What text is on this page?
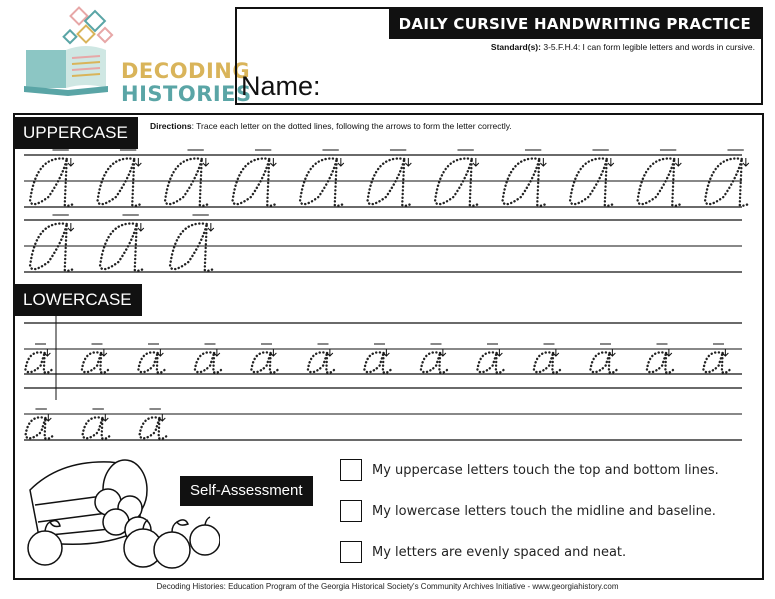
DECODING
HISTORIES
DAILY CURSIVE HANDWRITING PRACTICE
Standard(s): 3-5.F.H.4: I can form legible letters and words in cursive.
Name:
UPPERCASE	Directions: Trace each letter on the dotted lines, following the arrows to form the letter correctly.
LOWERCASE
Self-Assessment
My uppercase letters touch the top and bottom lines.
My lowercase letters touch the midline and baseline.
My letters are evenly spaced and neat.
Decoding Histories: Education Program of the Georgia Historical Society's Community Archives Initiative - www.georgiahistory.com
